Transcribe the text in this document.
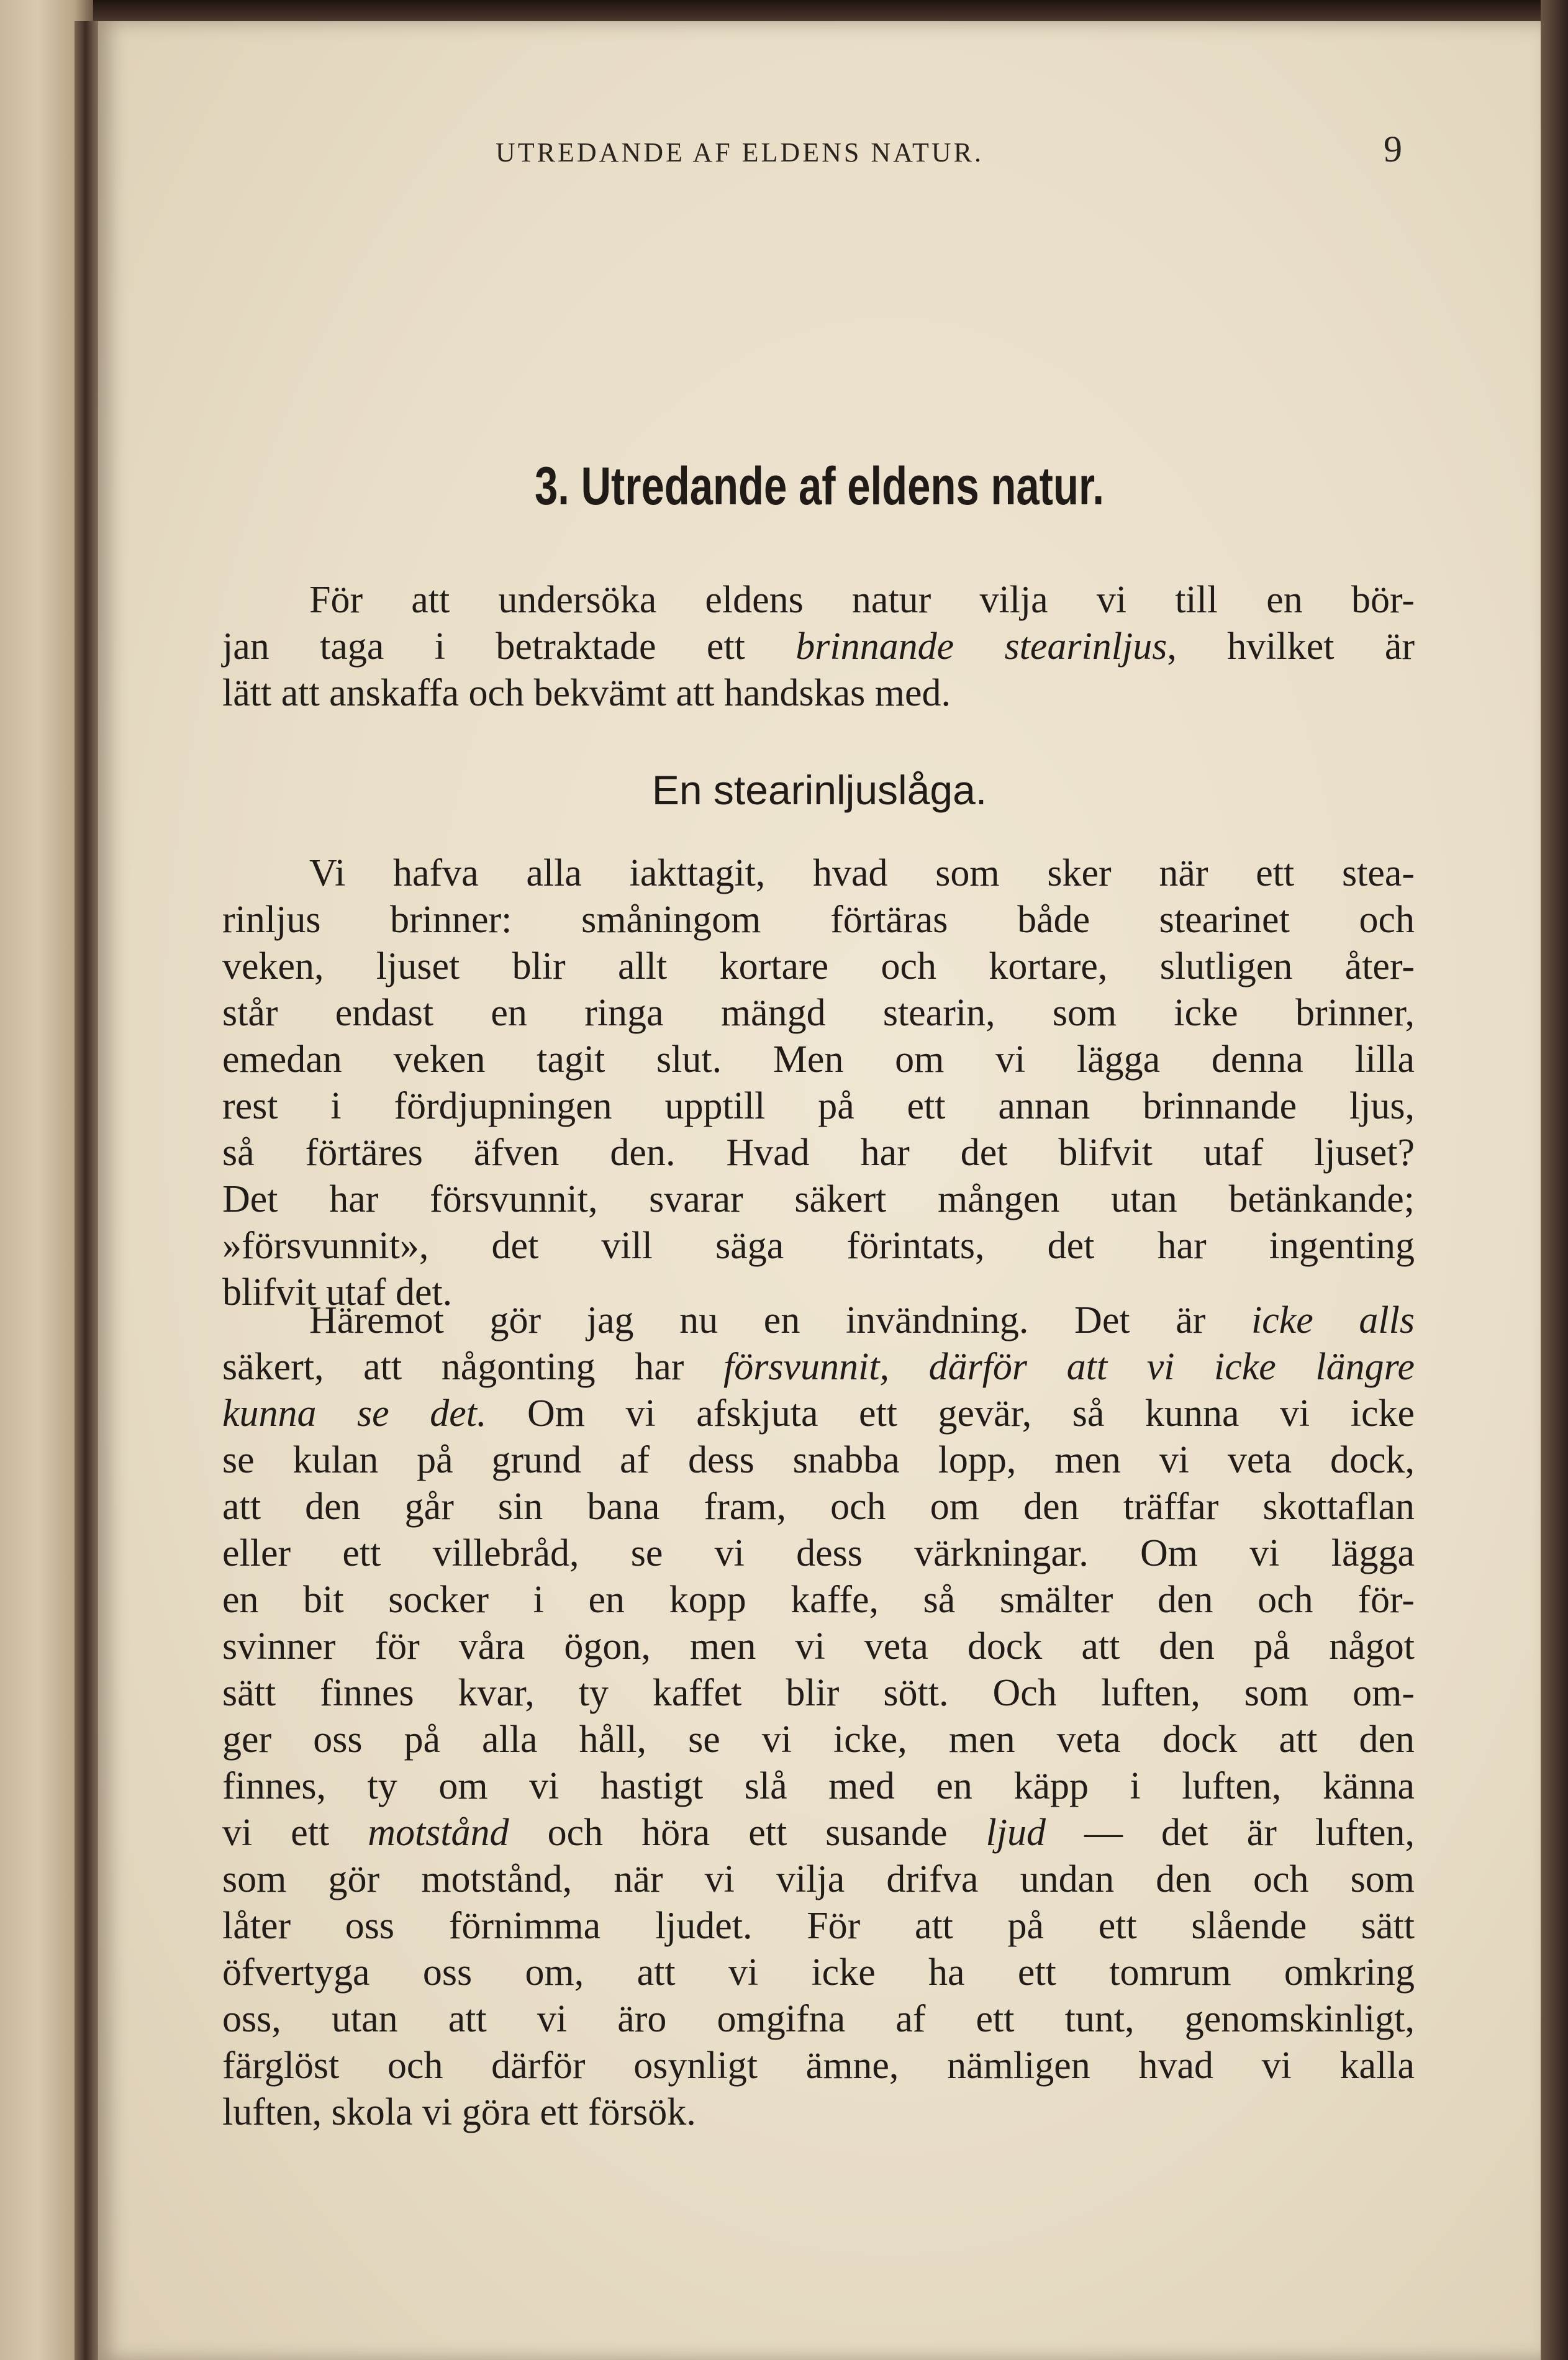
UTREDANDE AF ELDENS NATUR.	9
3. Utredande af eldens natur.
För att undersöka eldens natur vilja vi till en bör-
jan taga i betraktade ett brinnande stearinljus, hvilket är
lätt att anskaffa och bekvämt att handskas med.
En stearinljuslåga.
Vi hafva alla iakttagit, hvad som sker när ett stea-
rinljus brinner: småningom förtäras både stearinet och
veken, ljuset blir allt kortare och kortare, slutligen åter-
står endast en ringa mängd stearin, som icke brinner,
emedan veken tagit slut. Men om vi lägga denna lilla
rest i fördjupningen upptill på ett annan brinnande ljus,
så förtäres äfven den. Hvad har det blifvit utaf ljuset?
Det har försvunnit, svarar säkert mången utan betänkande;
»försvunnit», det vill säga förintats, det har ingenting
blifvit utaf det.
Häremot gör jag nu en invändning. Det är icke alls
säkert, att någonting har försvunnit, därför att vi icke längre
kunna se det. Om vi afskjuta ett gevär, så kunna vi icke
se kulan på grund af dess snabba lopp, men vi veta dock,
att den går sin bana fram, och om den träffar skottaflan
eller ett villebråd, se vi dess värkningar. Om vi lägga
en bit socker i en kopp kaffe, så smälter den och för-
svinner för våra ögon, men vi veta dock att den på något
sätt finnes kvar, ty kaffet blir sött. Och luften, som om-
ger oss på alla håll, se vi icke, men veta dock att den
finnes, ty om vi hastigt slå med en käpp i luften, känna
vi ett motstånd och höra ett susande ljud — det är luften,
som gör motstånd, när vi vilja drifva undan den och som
låter oss förnimma ljudet. För att på ett slående sätt
öfvertyga oss om, att vi icke ha ett tomrum omkring
oss, utan att vi äro omgifna af ett tunt, genomskinligt,
färglöst och därför osynligt ämne, nämligen hvad vi kalla
luften, skola vi göra ett försök.
